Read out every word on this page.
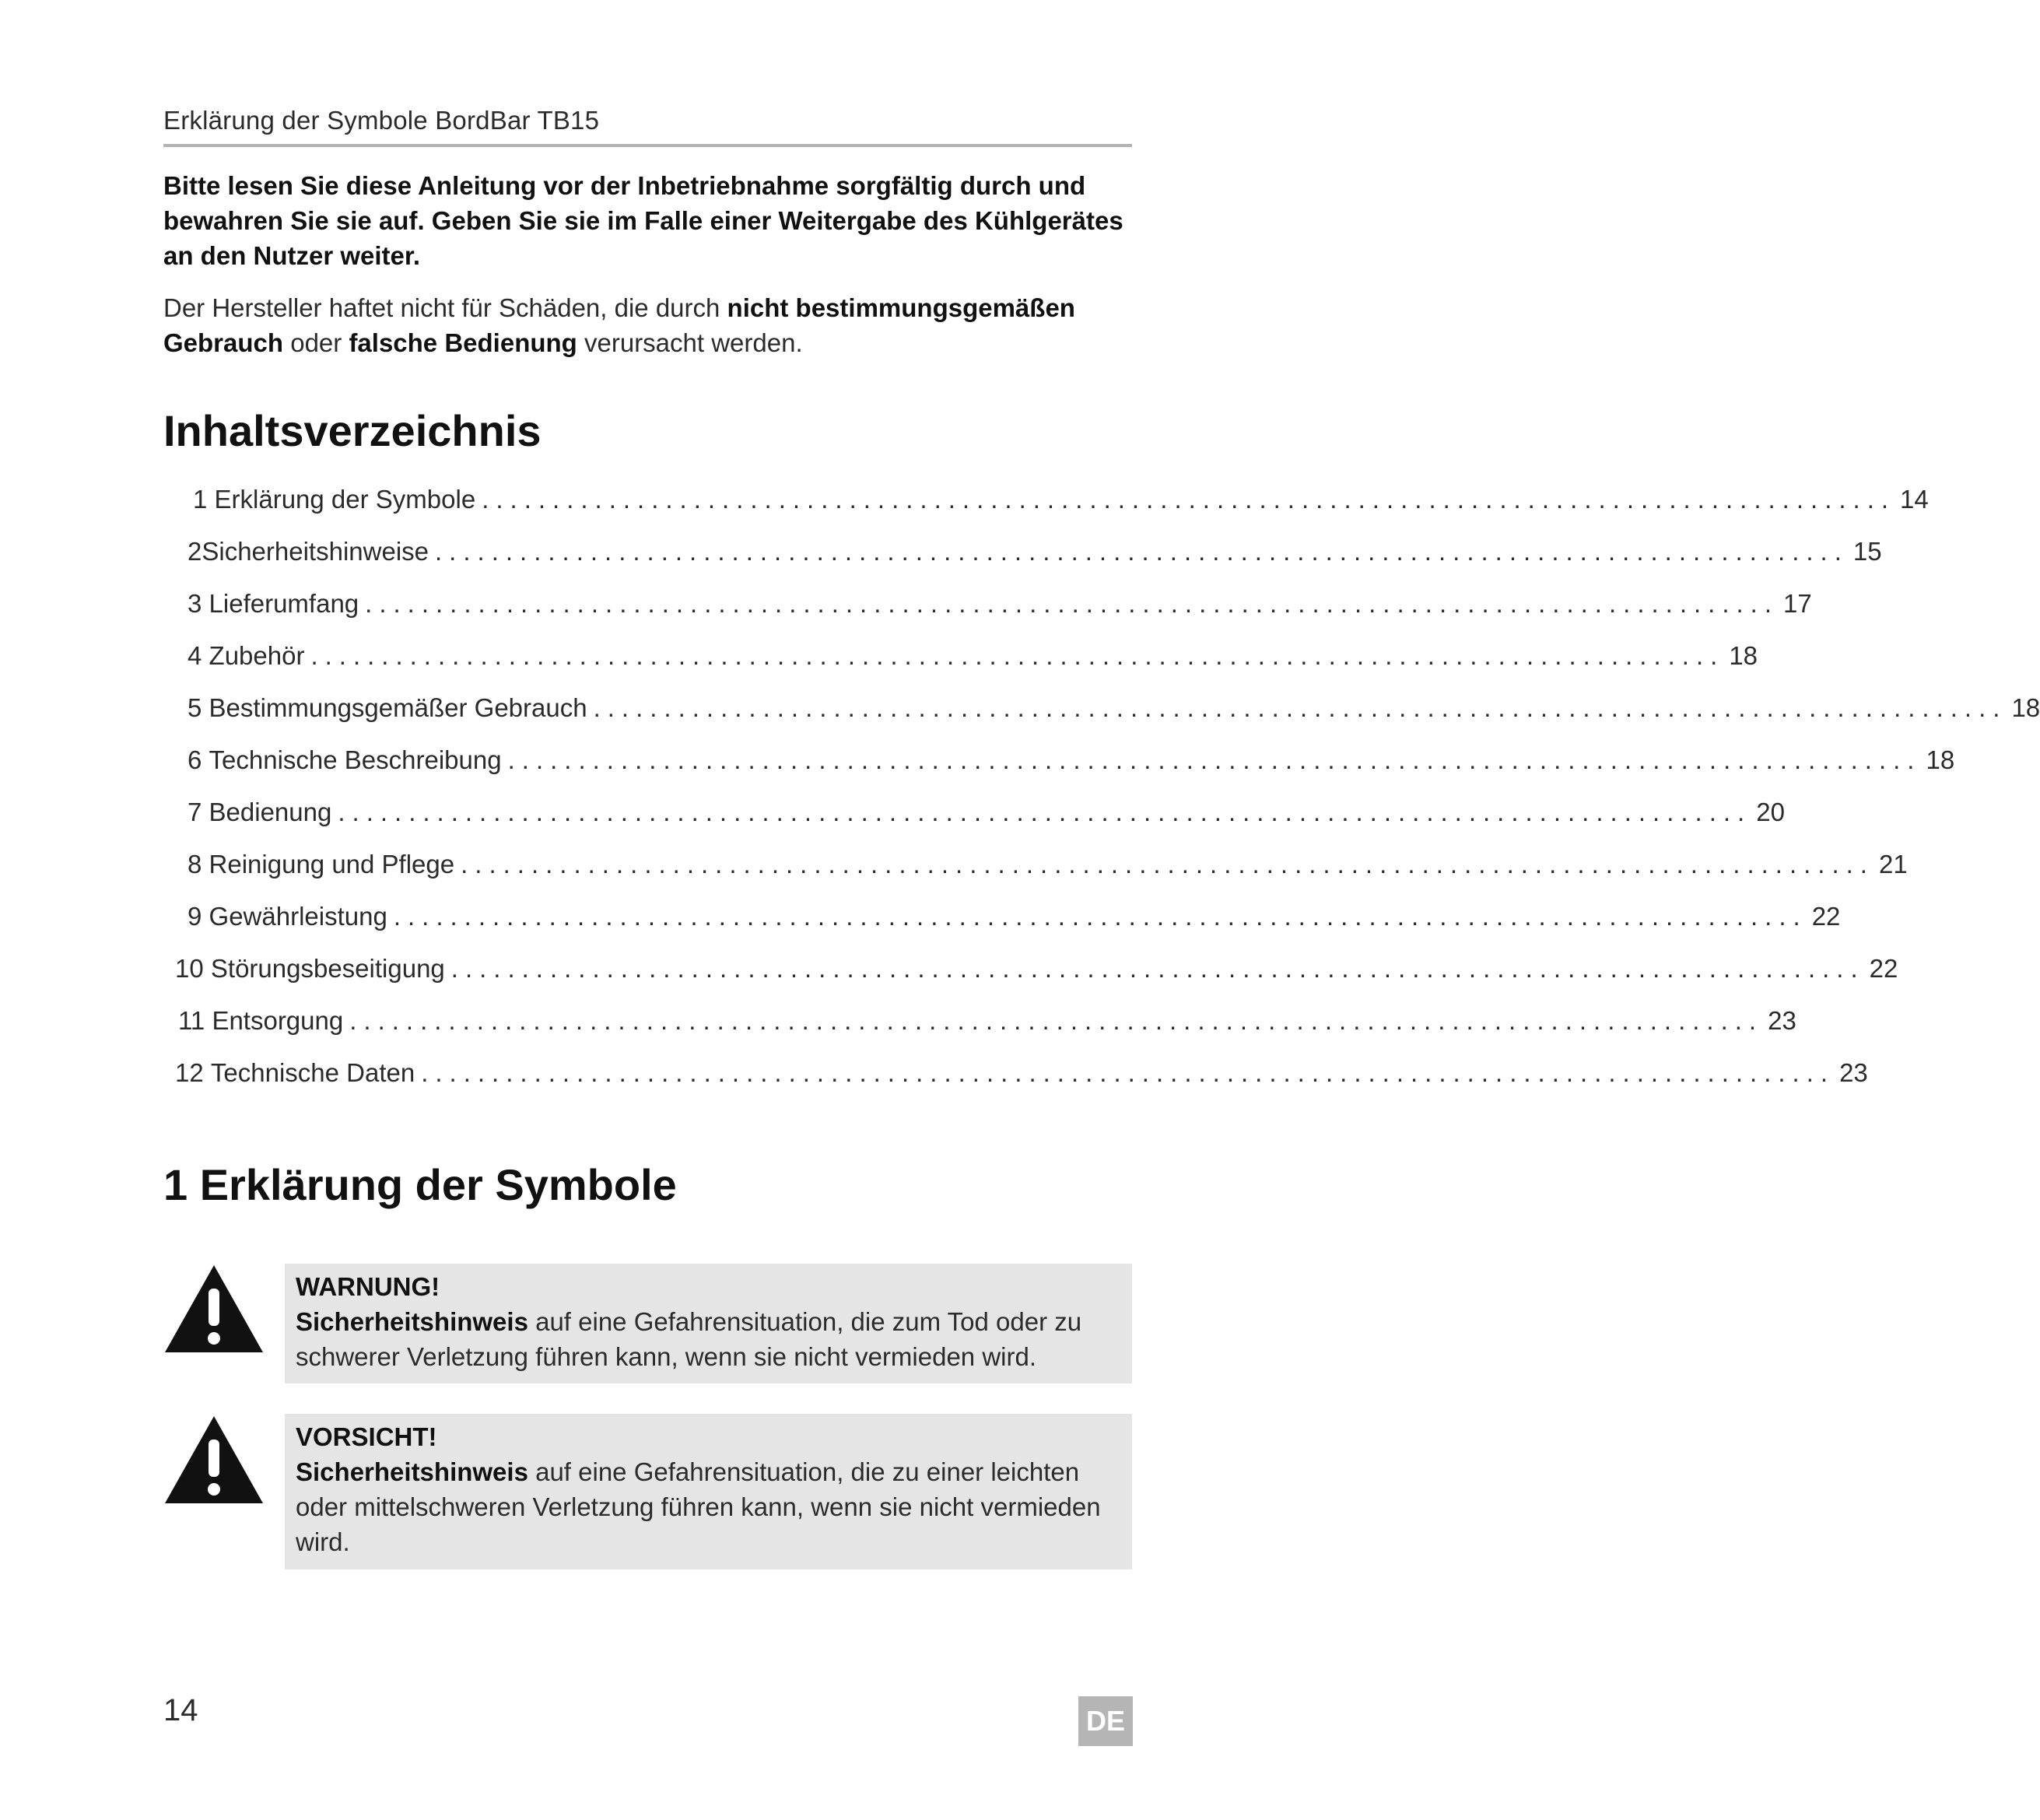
Erklärung der Symbole BordBar TB15
Bitte lesen Sie diese Anleitung vor der Inbetriebnahme sorgfältig durch und bewahren Sie sie auf. Geben Sie sie im Falle einer Weitergabe des Kühlgerätes an den Nutzer weiter.
Der Hersteller haftet nicht für Schäden, die durch nicht bestimmungsgemäßen Gebrauch oder falsche Bedienung verursacht werden.
Inhaltsverzeichnis
1
Erklärung der Symbole .................................................................................................... 14
2 Sicherheitshinweise .................................................................................................... 15
3
Lieferumfang .................................................................................................... 17
4
Zubehör .................................................................................................... 18
5
Bestimmungsgemäßer Gebrauch .................................................................................................... 18
6
Technische Beschreibung .................................................................................................... 18
7
Bedienung .................................................................................................... 20
8
Reinigung und Pflege .................................................................................................... 21
9
Gewährleistung .................................................................................................... 22
10
Störungsbeseitigung .................................................................................................... 22
11
Entsorgung .................................................................................................... 23
12
Technische Daten .................................................................................................... 23
1 Erklärung der Symbole
WARNUNG!
Sicherheitshinweis auf eine Gefahrensituation, die zum Tod oder zu schwerer Verletzung führen kann, wenn sie nicht vermieden wird.
VORSICHT!
Sicherheitshinweis auf eine Gefahrensituation, die zu einer leichten oder mittelschweren Verletzung führen kann, wenn sie nicht vermieden wird.
14	DE
